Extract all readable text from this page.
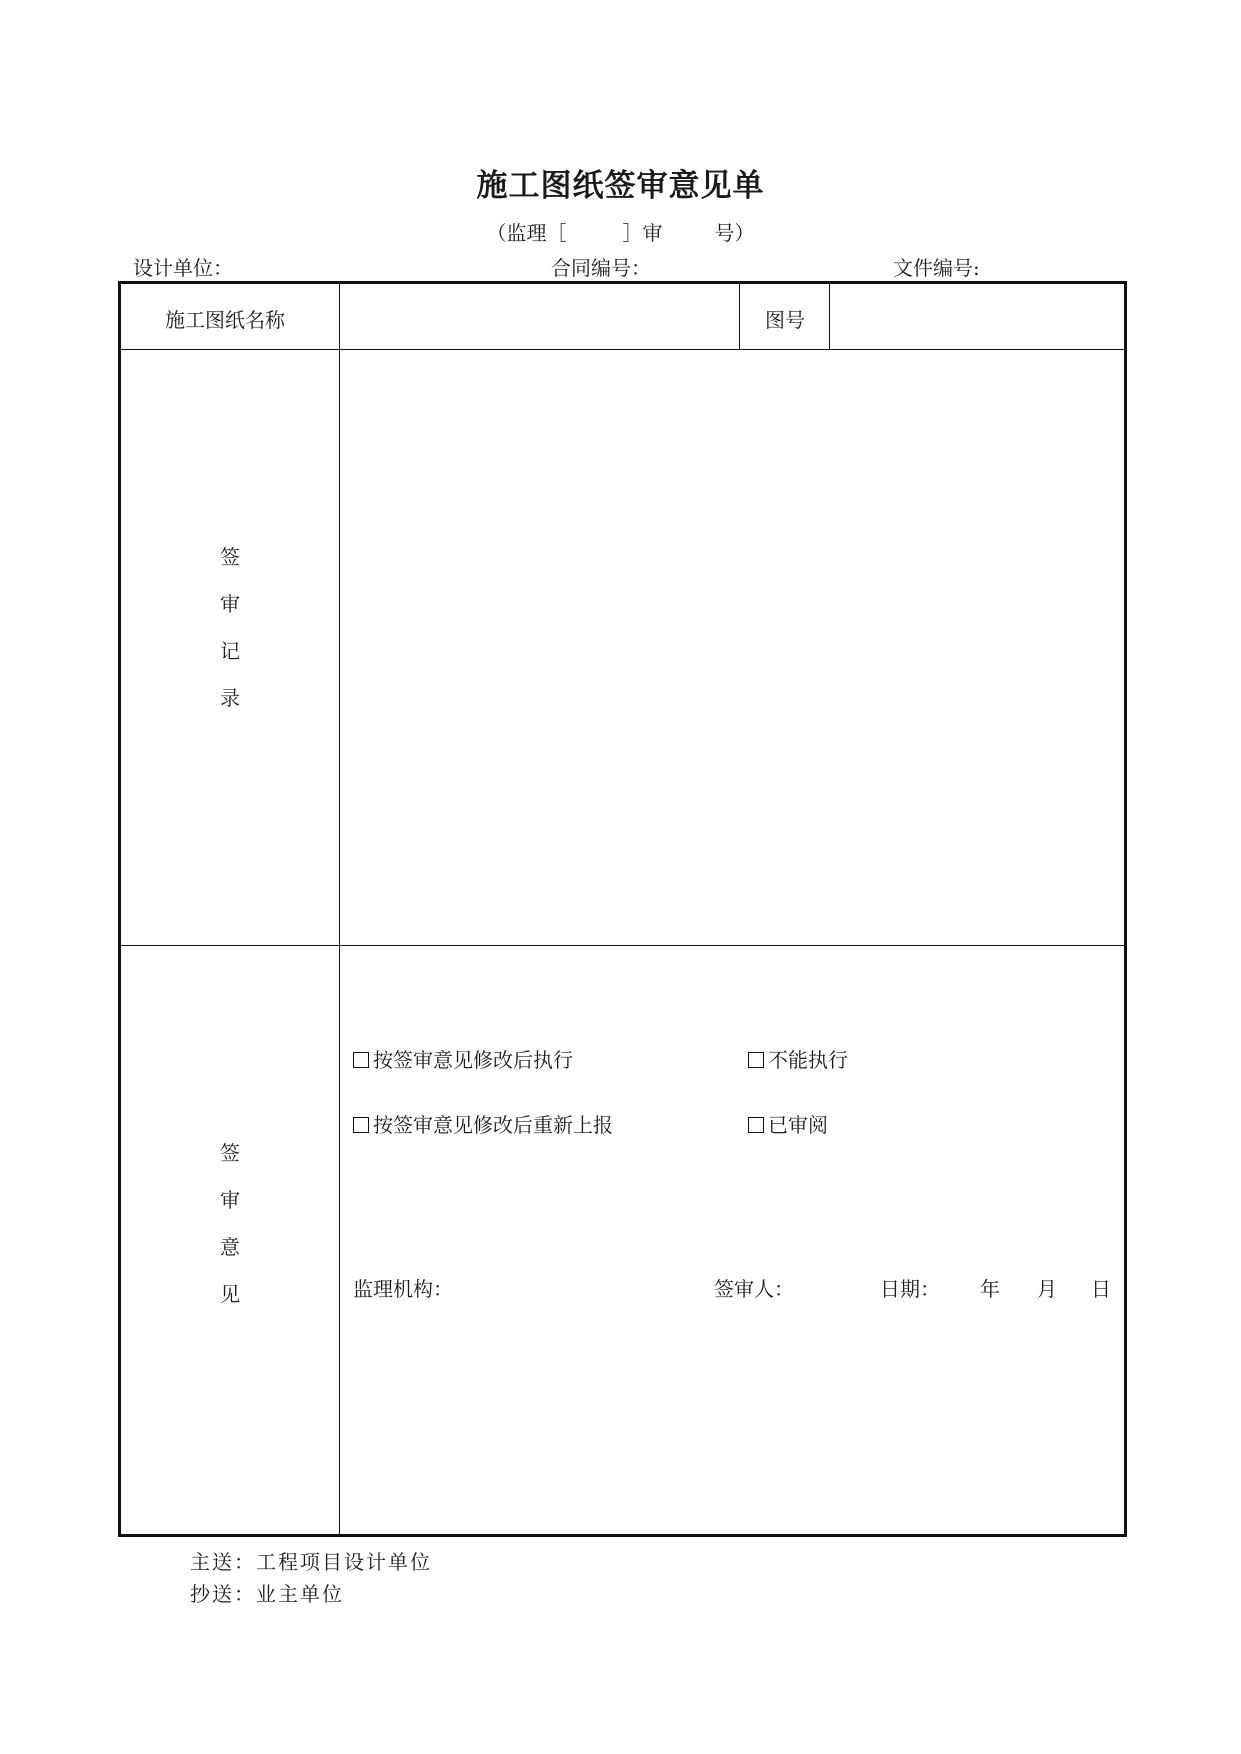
施工图纸签审意见单
（监理［	］审	号）
设计单位：	合同编号：	文件编号:
施工图纸名称	图号
签
审
记
录
签
审
意
见
按签审意见修改后执行	不能执行
按签审意见修改后重新上报	已审阅
监理机构：	签审人：	日期： 年 月 日
主送：工程项目设计单位
抄送：业主单位
